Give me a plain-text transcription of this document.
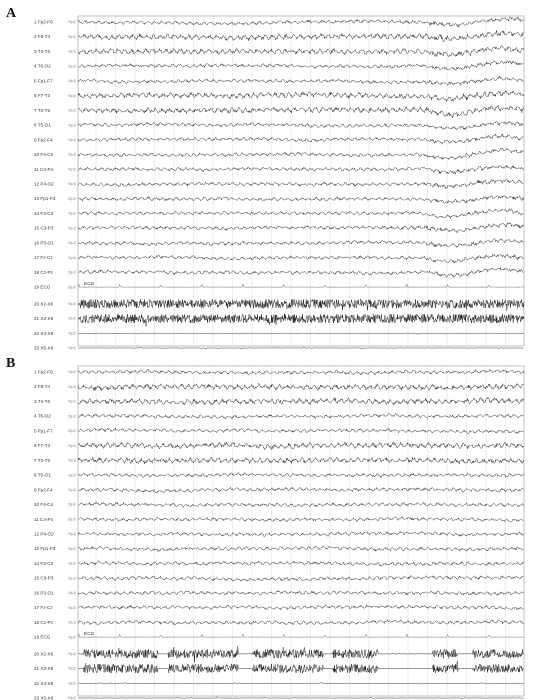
A
1 Fp2-F8	50µV
2 F8-T4	50µV
3 T4-T6	50µV
4 T6-O2	50µV
5 Fp1-F7	50µV
6 F7-T3	50µV
7 T3-T5	50µV
8 T5-O1	50µV
9 Fp2-F4	50µV
10 F4-C4	50µV
11 C4-P4	50µV
12 P4-O2	50µV
13 Fp1-F3	50µV
14 F3-C3	50µV
15 C3-P3	50µV
16 P3-O1	50µV
17 Fz-Cz	50µV
18 Cz-Pz	50µV
19 ECG	50µV
ECG
20 X2-X6	50µV
21 X3-X9	50µV
22 X4-X9	50µV
23 X5-X9	50µV
B
1 Fp2-F8	50µV
2 F8-T4	50µV
3 T4-T6	50µV
4 T6-O2	50µV
5 Fp1-F7	50µV
6 F7-T3	50µV
7 T3-T5	50µV
8 T5-O1	50µV
9 Fp2-F4	50µV
10 F4-C4	50µV
11 C4-P4	50µV
12 P4-O2	50µV
13 Fp1-F3	50µV
14 F3-C3	50µV
15 C3-P3	50µV
16 P3-O1	50µV
17 Fz-Cz	50µV
18 Cz-Pz	50µV
19 ECG	50µV
ECG
20 X2-X6	50µV
21 X3-X9	50µV
22 X4-X9	50µV
23 X5-X9	50µV
